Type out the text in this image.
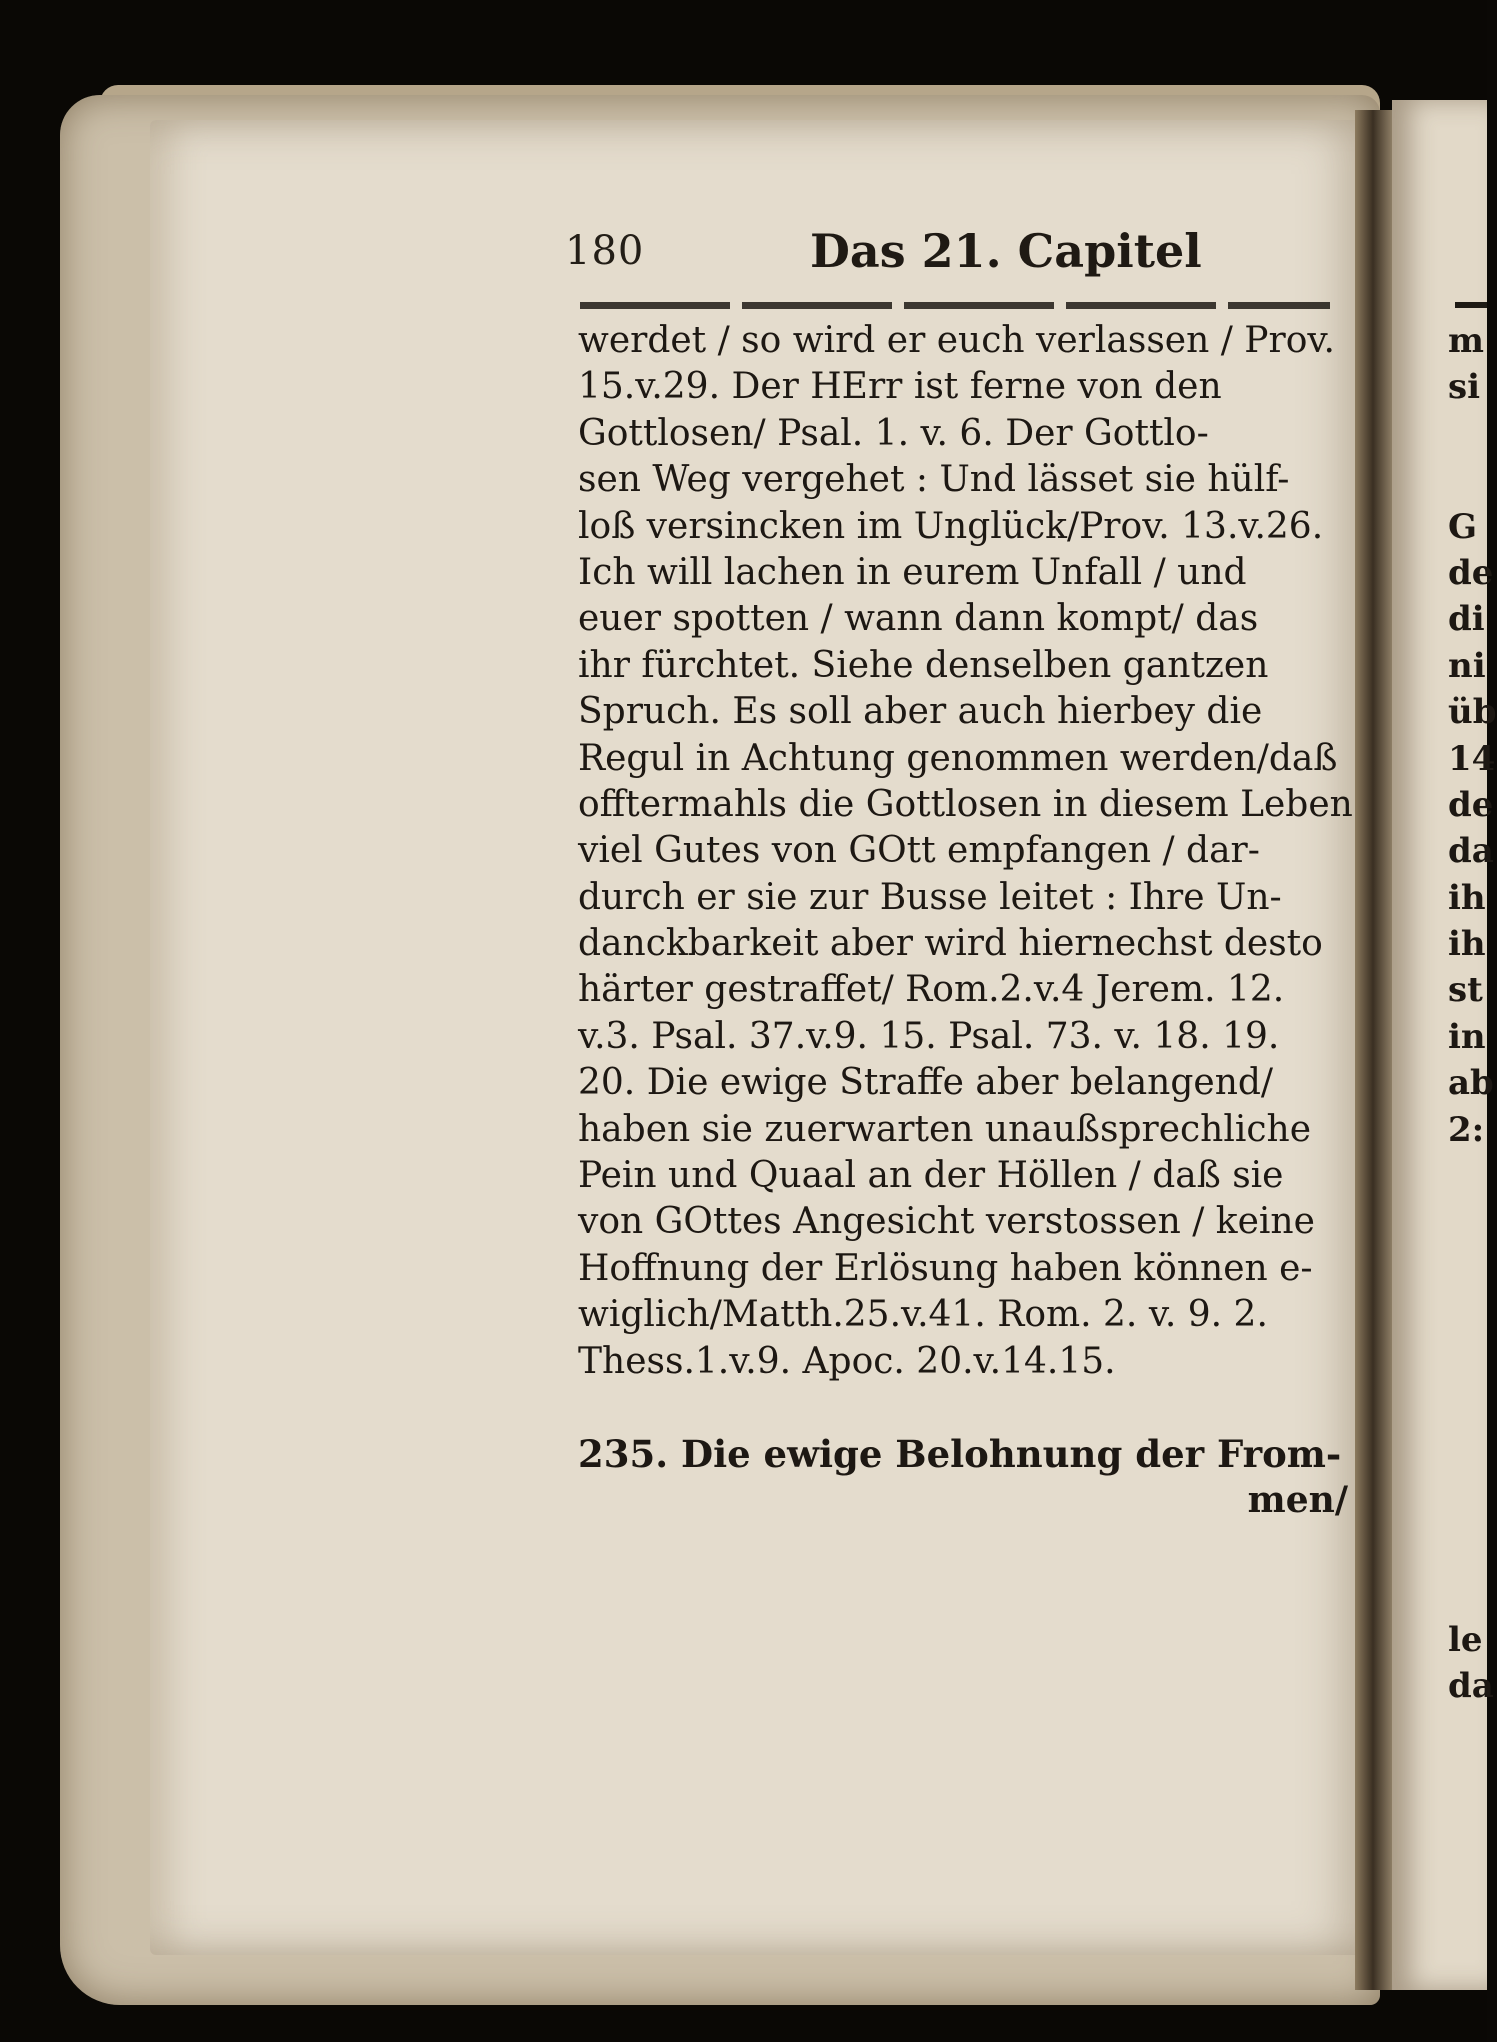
180	Das 21. Capitel
werdet / so wird er euch verlassen / Prov.
15.v.29. Der HErr ist ferne von den
Gottlosen/ Psal. 1. v. 6. Der Gottlo-
sen Weg vergehet : Und lässet sie hülf-
loß versincken im Unglück/Prov. 13.v.26.
Ich will lachen in eurem Unfall / und
euer spotten / wann dann kompt/ das
ihr fürchtet. Siehe denselben gantzen
Spruch. Es soll aber auch hierbey die
Regul in Achtung genommen werden/daß
offtermahls die Gottlosen in diesem Leben
viel Gutes von GOtt empfangen / dar-
durch er sie zur Busse leitet : Ihre Un-
danckbarkeit aber wird hiernechst desto
härter gestraffet/ Rom.2.v.4 Jerem. 12.
v.3. Psal. 37.v.9. 15. Psal. 73. v. 18. 19.
20. Die ewige Straffe aber belangend/
haben sie zuerwarten unaußsprechliche
Pein und Quaal an der Höllen / daß sie
von GOttes Angesicht verstossen / keine
Hoffnung der Erlösung haben können e-
wiglich/Matth.25.v.41. Rom. 2. v. 9. 2.
Thess.1.v.9. Apoc. 20.v.14.15.
235. Die ewige Belohnung der From-
men/
m
si
G
de
di
ni
üb
14
de
da
ih
ih
st
in
ab
2:
le
da
